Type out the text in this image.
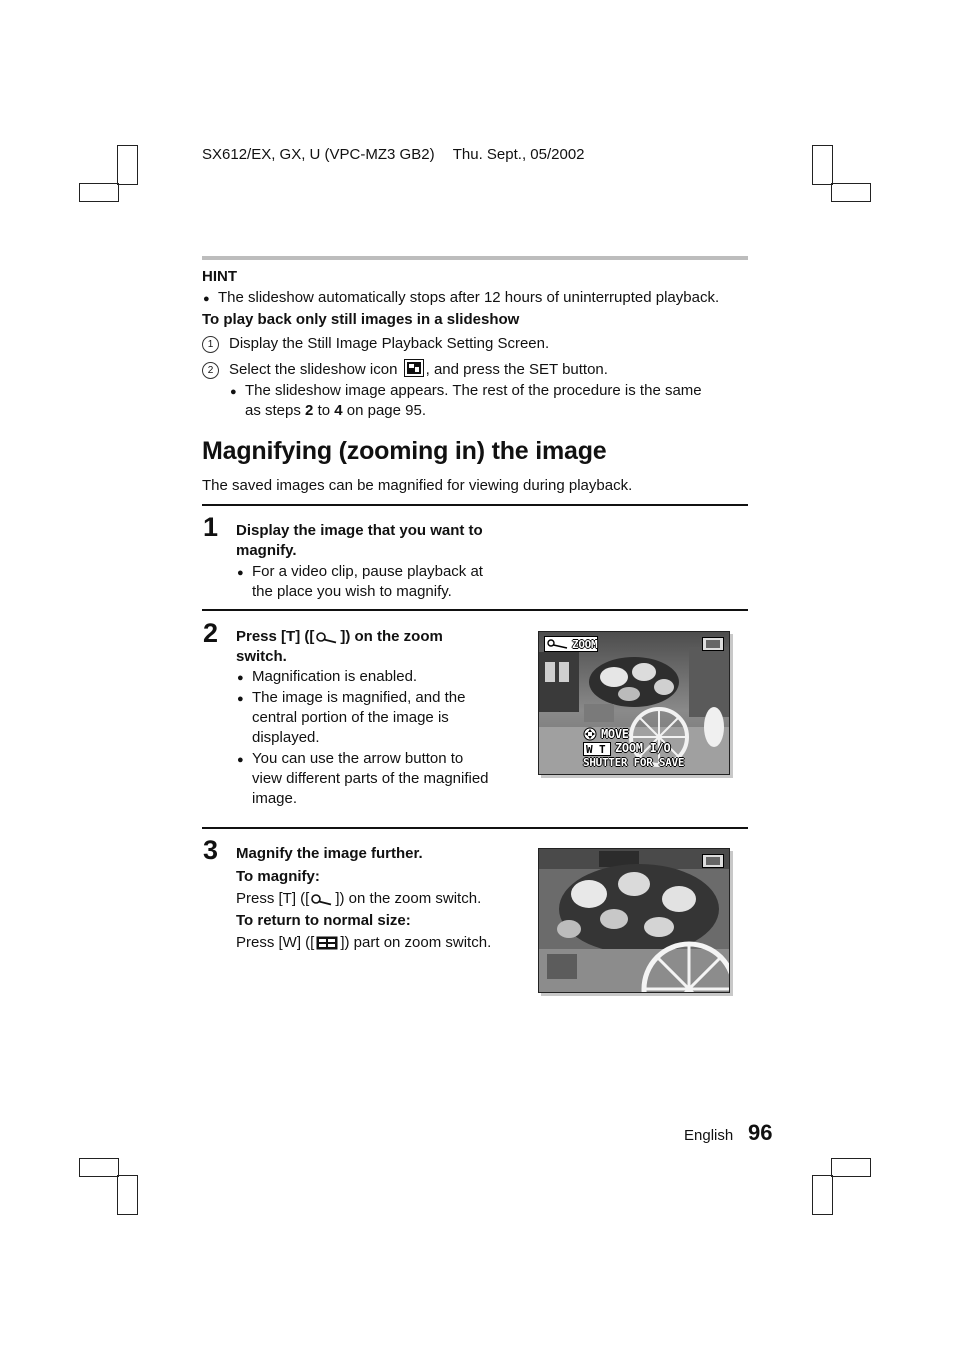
SX612/EX, GX, U (VPC-MZ3 GB2) Thu. Sept., 05/2002
HINT
● The slideshow automatically stops after 12 hours of uninterrupted playback.
To play back only still images in a slideshow
1 Display the Still Image Playback Setting Screen.
2 Select the slideshow icon , and press the SET button.
● The slideshow image appears. The rest of the procedure is the same
as steps 2 to 4 on page 95.
Magnifying (zooming in) the image
The saved images can be magnified for viewing during playback.
1 Display the image that you want to
magnify.
● For a video clip, pause playback at
the place you wish to magnify.
2 Press [T] ([ ]) on the zoom
switch.
● Magnification is enabled.
● The image is magnified, and the
central portion of the image is
displayed.
● You can use the arrow button to
view different parts of the magnified
image.
ZOOM
MOVE
W T ZOOM I/O
SHUTTER FOR SAVE
3 Magnify the image further.
To magnify:
Press [T] ([ ]) on the zoom switch.
To return to normal size:
Press [W] ([ ]) part on zoom switch.
English 96
